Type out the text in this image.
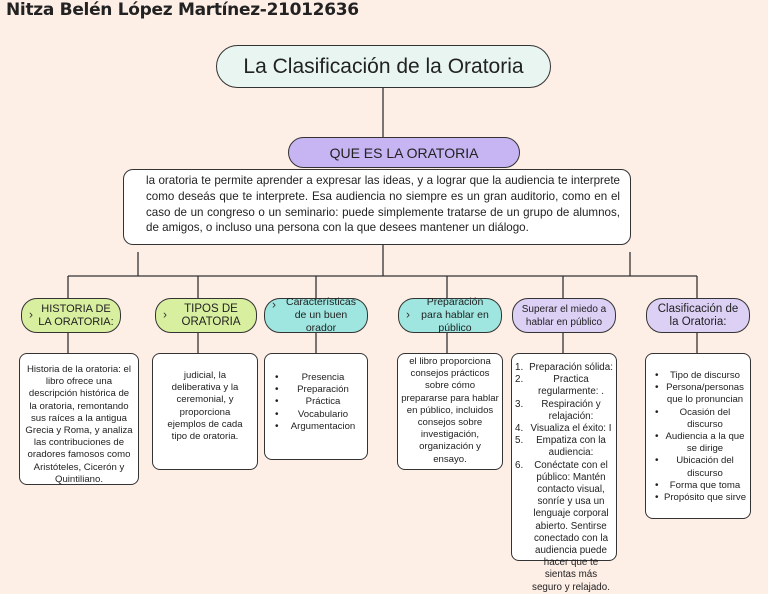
Nitza Belén López Martínez-21012636
La Clasificación de la Oratoria
QUE ES LA ORATORIA
la oratoria te permite aprender a expresar las ideas, y a lograr que la audiencia te interprete como deseás que te interprete. Esa audiencia no siempre es un gran auditorio, como en el caso de un congreso o un seminario: puede simplemente tratarse de un grupo de alumnos, de amigos, o incluso una persona con la que desees mantener un diálogo.
› HISTORIA DE LA ORATORIA:
Historia de la oratoria: el libro ofrece una descripción histórica de la oratoria, remontando sus raíces a la antigua Grecia y Roma, y analiza las contribuciones de oradores famosos como Aristóteles, Cicerón y Quintiliano.
›	TIPOS DE ORATORIA
judicial, la deliberativa y la ceremonial, y proporciona ejemplos de cada tipo de oratoria.
› Características de un buen orador
• Presencia
• Preparación
• Práctica
• Vocabulario
• Argumentacion
›
Preparación para hablar en público
el libro proporciona consejos prácticos sobre cómo prepararse para hablar en público, incluidos consejos sobre investigación, organización y ensayo.
Superar el miedo a hablar en público
1. Preparación sólida:
2.	Practica regularmente: .
3. Respiración y relajación:
4. Visualiza el éxito: I
5. Empatiza con la audiencia:
6. Conéctate con el público: Mantén contacto visual, sonríe y usa un lenguaje corporal abierto. Sentirse conectado con la audiencia puede hacer que te sientas más seguro y relajado.
Clasificación de la Oratoria:
• Tipo de discurso
• Persona/personas que lo pronuncian
• Ocasión del discurso
• Audiencia a la que se dirige
• Ubicación del discurso
• Forma que toma
• Propósito que sirve
